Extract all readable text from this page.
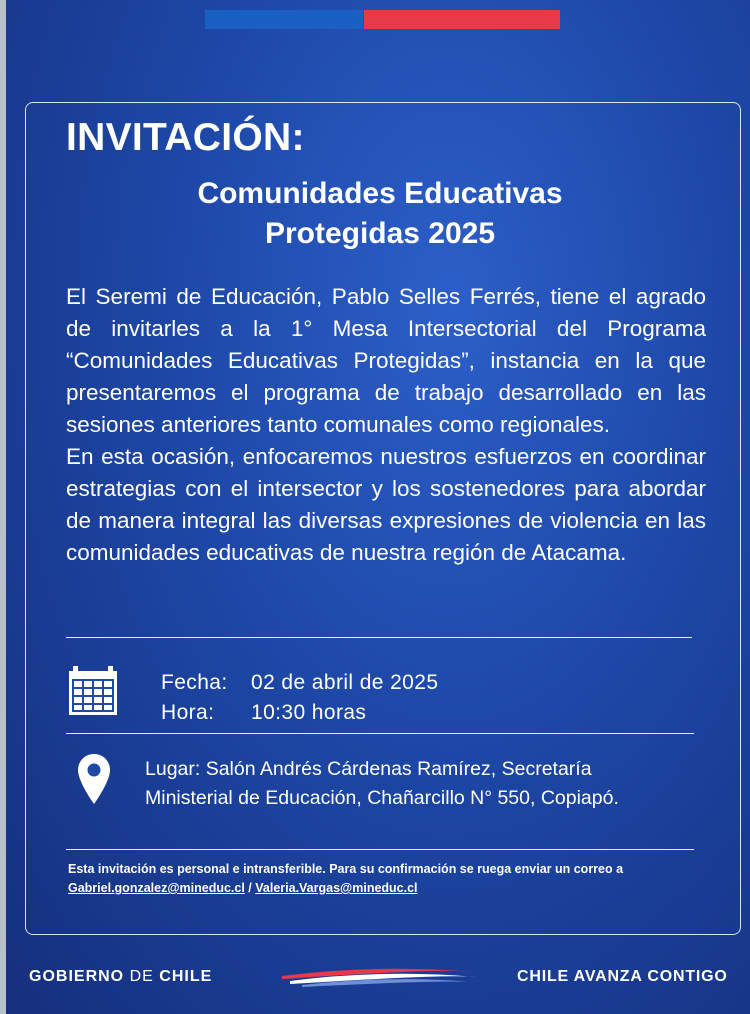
INVITACIÓN:
Comunidades Educativas
Protegidas 2025
El Seremi de Educación, Pablo Selles Ferrés, tiene el agrado de invitarles a la 1° Mesa Intersectorial del Programa “Comunidades Educativas Protegidas”, instancia en la que presentaremos el programa de trabajo desarrollado en las sesiones anteriores tanto comunales como regionales.
En esta ocasión, enfocaremos nuestros esfuerzos en coordinar estrategias con el intersector y los sostenedores para abordar de manera integral las diversas expresiones de violencia en las comunidades educativas de nuestra región de Atacama.
Fecha: 02 de abril de 2025
Hora: 10:30 horas
Lugar: Salón Andrés Cárdenas Ramírez, Secretaría
Ministerial de Educación, Chañarcillo N° 550, Copiapó.
Esta invitación es personal e intransferible. Para su confirmación se ruega enviar un correo a Gabriel.gonzalez@mineduc.cl / Valeria.Vargas@mineduc.cl
GOBIERNO DE CHILE	CHILE AVANZA CONTIGO
